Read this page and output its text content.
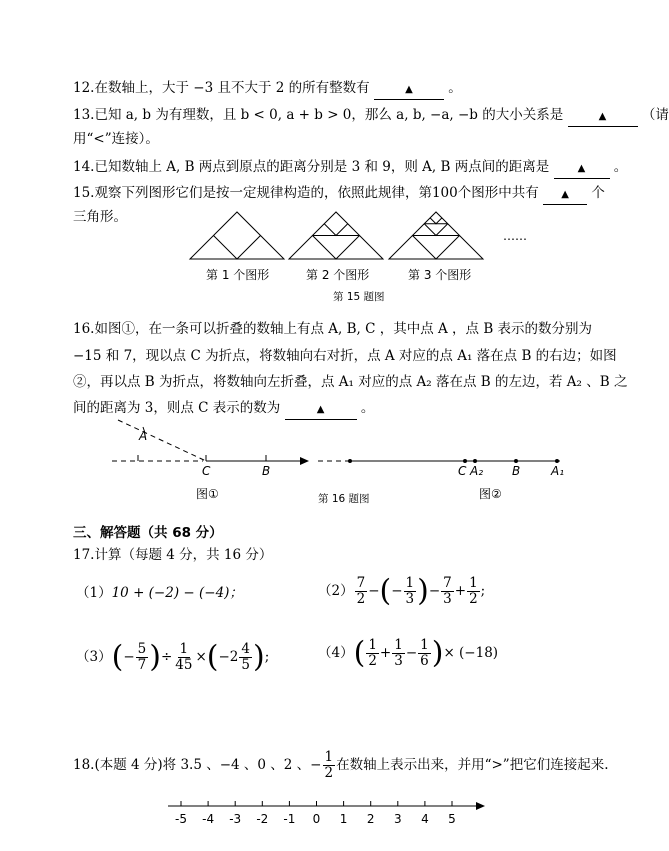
12.在数轴上，大于 −3 且不大于 2 的所有整数有	▲	。
13.已知 a, b 为有理数，且 b < 0, a + b > 0，那么 a, b, −a, −b 的大小关系是	▲	（请
用“<”连接）。
14.已知数轴上 A, B 两点到原点的距离分别是 3 和 9，则 A, B 两点间的距离是	▲ 。
15.观察下列图形它们是按一定规律构造的，依照此规律，第100个图形中共有 ▲ 个
三角形。
第 1 个图形	第 2 个图形	第 3 个图形
……
第 15 题图
16.如图①，在一条可以折叠的数轴上有点 A, B, C ，其中点 A ，点 B 表示的数分别为
−15 和 7，现以点 C 为折点，将数轴向右对折，点 A 对应的点 A₁ 落在点 B 的右边；如图
②，再以点 B 为折点，将数轴向左折叠，点 A₁ 对应的点 A₂ 落在点 B 的左边，若 A₂ 、B 之
间的距离为 3，则点 C 表示的数为	▲	。
A
C	B
图①	第 16 题图
C A₂ B	A₁
图②
三、解答题（共 68 分）
17.计算（每题 4 分，共 16 分）
（1）10 + (−2) − (−4)；	$(2) \frac{7}{2}$ −(− $\frac{1}{3}$ )− $\frac{7}{3} + \frac{1}{2}$ ;
$(3)(- \frac{5}{7}$ )÷ $\frac{1}{45} \times(-2 \frac{4}{5}$ );	$(4)( \frac{1}{2} + \frac{1}{3} - \frac{1}{6}$ )× (−18)
18.(本题 4 分)将 3.5 、−4 、0 、2 、− $\frac{1}{2}$ 在数轴上表示出来，并用“>”把它们连接起来.
-5 -4 -3 -2 -1 0 1 2 3 4 5
